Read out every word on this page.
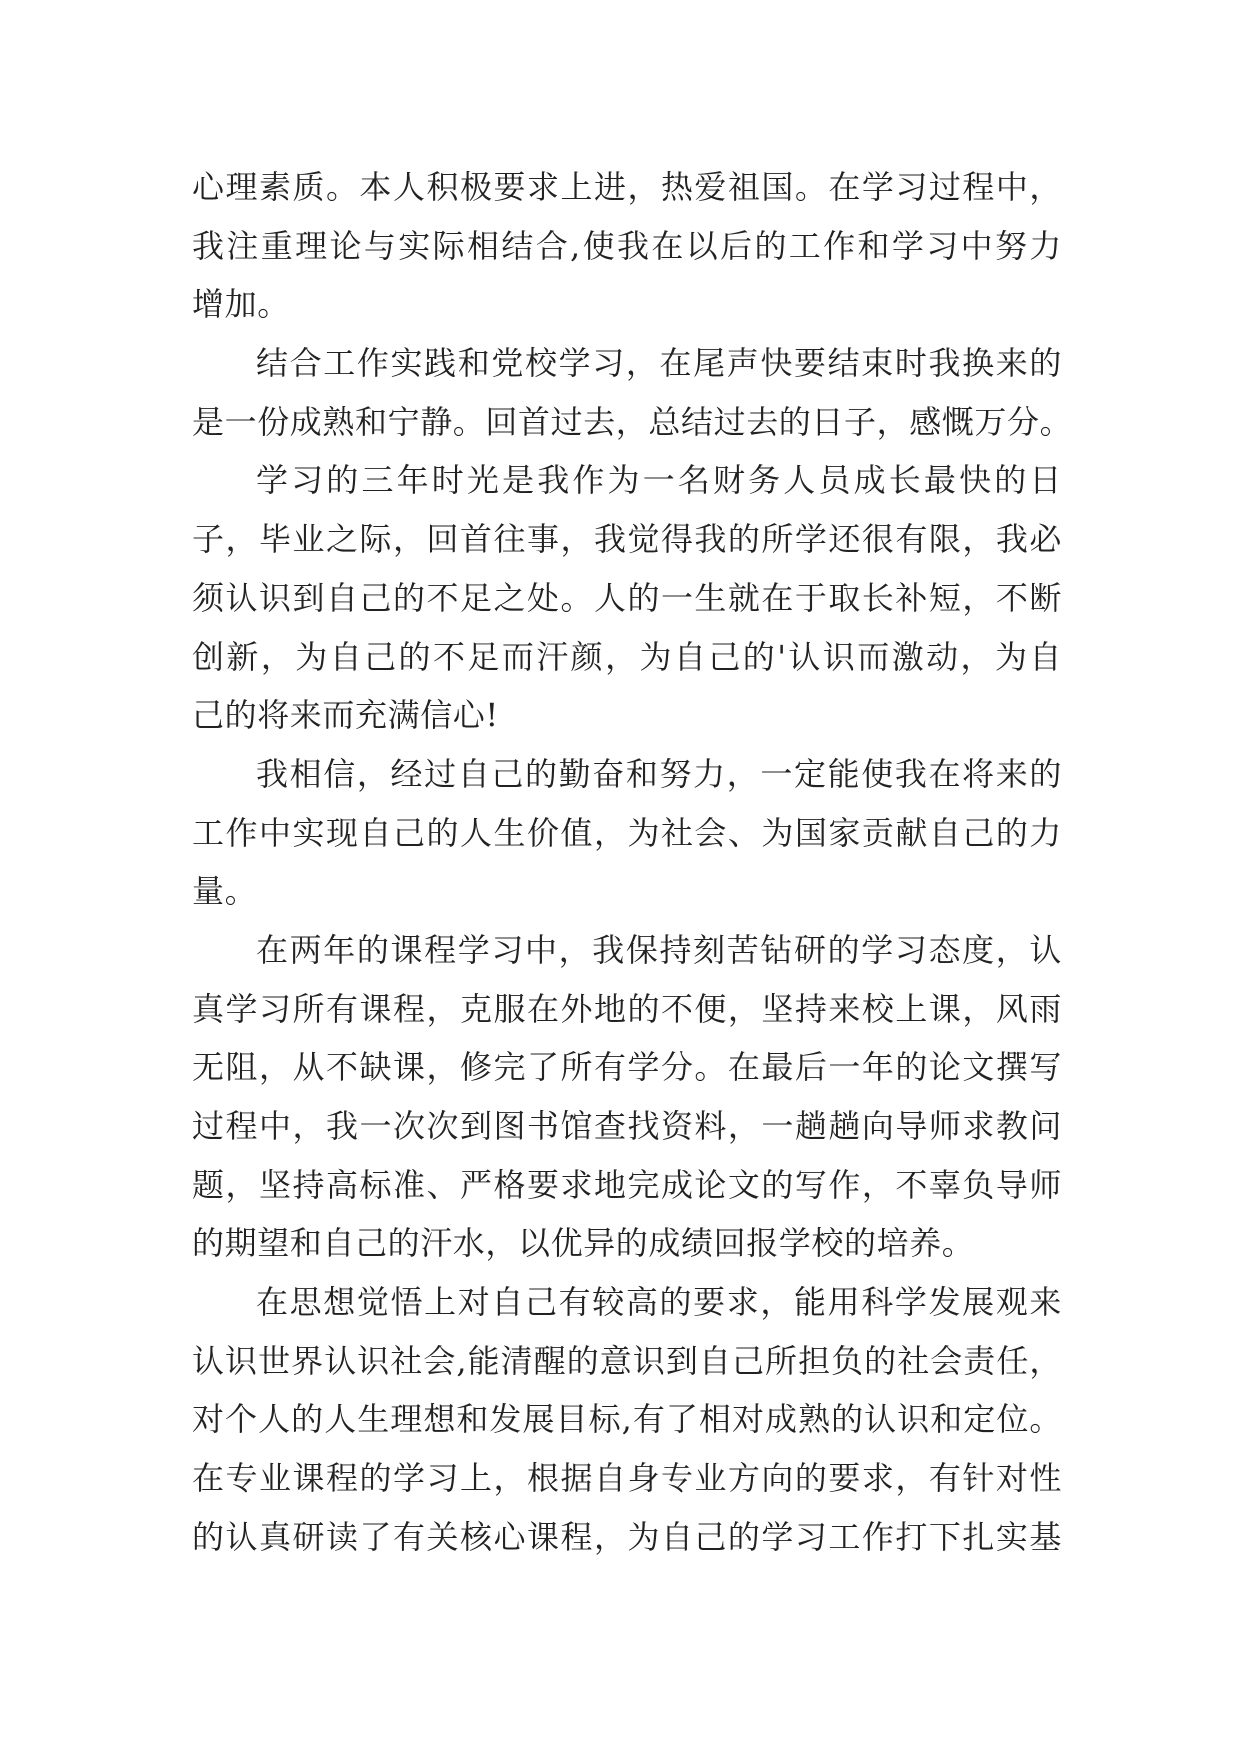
心理素质。本人积极要求上进，热爱祖国。在学习过程中，
我注重理论与实际相结合,使我在以后的工作和学习中努力
增加。
结合工作实践和党校学习，在尾声快要结束时我换来的
是一份成熟和宁静。回首过去，总结过去的日子，感慨万分。
学习的三年时光是我作为一名财务人员成长最快的日
子，毕业之际，回首往事，我觉得我的所学还很有限，我必
须认识到自己的不足之处。人的一生就在于取长补短，不断
创新，为自己的不足而汗颜，为自己的'认识而激动，为自
己的将来而充满信心!
我相信，经过自己的勤奋和努力，一定能使我在将来的
工作中实现自己的人生价值，为社会、为国家贡献自己的力
量。
在两年的课程学习中，我保持刻苦钻研的学习态度，认
真学习所有课程，克服在外地的不便，坚持来校上课，风雨
无阻，从不缺课，修完了所有学分。在最后一年的论文撰写
过程中，我一次次到图书馆查找资料，一趟趟向导师求教问
题，坚持高标准、严格要求地完成论文的写作，不辜负导师
的期望和自己的汗水，以优异的成绩回报学校的培养。
在思想觉悟上对自己有较高的要求，能用科学发展观来
认识世界认识社会,能清醒的意识到自己所担负的社会责任，
对个人的人生理想和发展目标,有了相对成熟的认识和定位。
在专业课程的学习上，根据自身专业方向的要求，有针对性
的认真研读了有关核心课程，为自己的学习工作打下扎实基
